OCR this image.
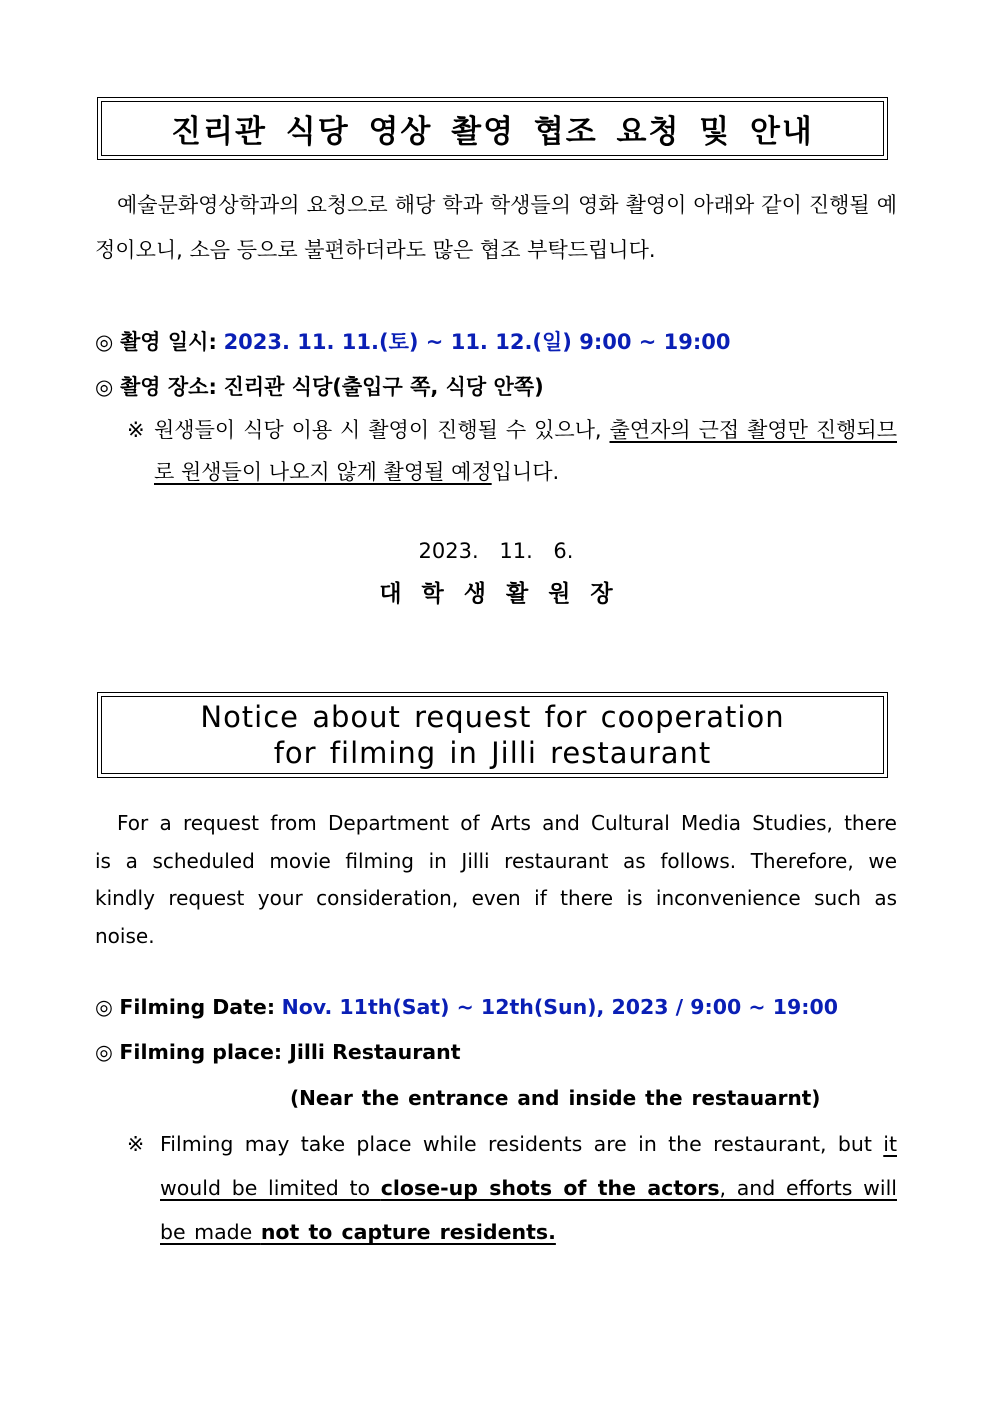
진리관 식당 영상 촬영 협조 요청 및 안내
예술문화영상학과의 요청으로 해당 학과 학생들의 영화 촬영이 아래와 같이 진행될 예정이오니, 소음 등으로 불편하더라도 많은 협조 부탁드립니다.
◎ 촬영 일시: 2023. 11. 11.(토) ~ 11. 12.(일) 9:00 ~ 19:00
◎ 촬영 장소: 진리관 식당(출입구 쪽, 식당 안쪽)
※ 원생들이 식당 이용 시 촬영이 진행될 수 있으나, 출연자의 근접 촬영만 진행되므로 원생들이 나오지 않게 촬영될 예정입니다.
2023. 11. 6.
대학생활원장
Notice about request for cooperation
for filming in Jilli restaurant
For a request from Department of Arts and Cultural Media Studies, there is a scheduled movie filming in Jilli restaurant as follows. Therefore, we kindly request your consideration, even if there is inconvenience such as noise.
◎ Filming Date: Nov. 11th(Sat) ~ 12th(Sun), 2023 / 9:00 ~ 19:00
◎ Filming place: Jilli Restaurant
(Near the entrance and inside the restauarnt)
※ Filming may take place while residents are in the restaurant, but it would be limited to close-up shots of the actors, and efforts will be made not to capture residents.
